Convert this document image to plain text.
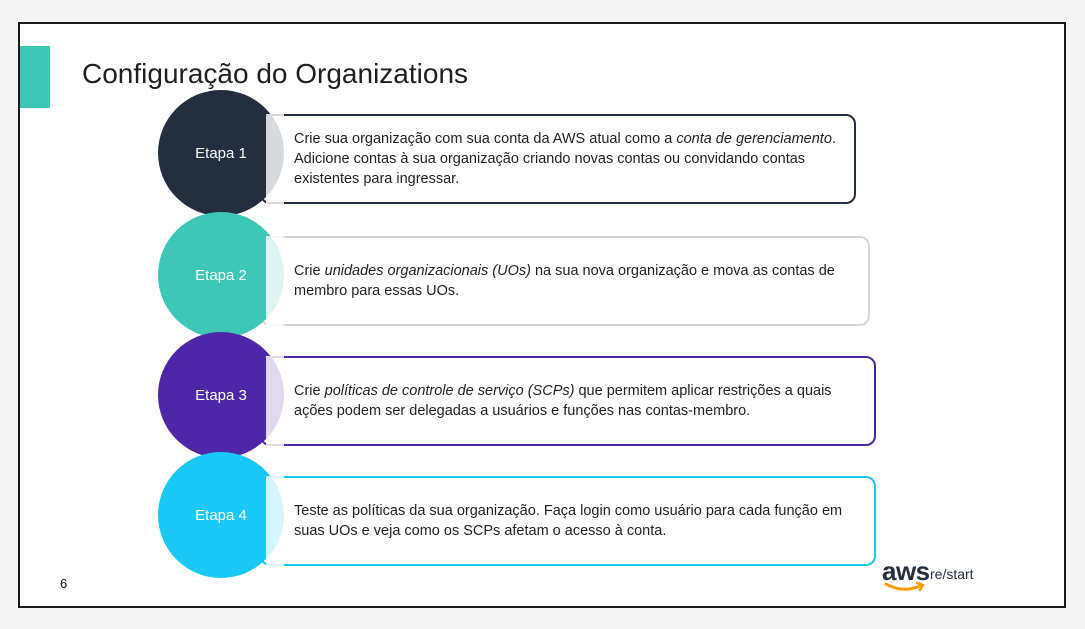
Configuração do Organizations
Crie sua organização com sua conta da AWS atual como a conta de gerenciamento. Adicione contas à sua organização criando novas contas ou convidando contas existentes para ingressar.
Etapa 1
Crie unidades organizacionais (UOs) na sua nova organização e mova as contas de membro para essas UOs.
Etapa 2
Crie políticas de controle de serviço (SCPs) que permitem aplicar restrições a quais ações podem ser delegadas a usuários e funções nas contas-membro.
Etapa 3
Teste as políticas da sua organização. Faça login como usuário para cada função em suas UOs e veja como os SCPs afetam o acesso à conta.
Etapa 4
6	aws re/start
